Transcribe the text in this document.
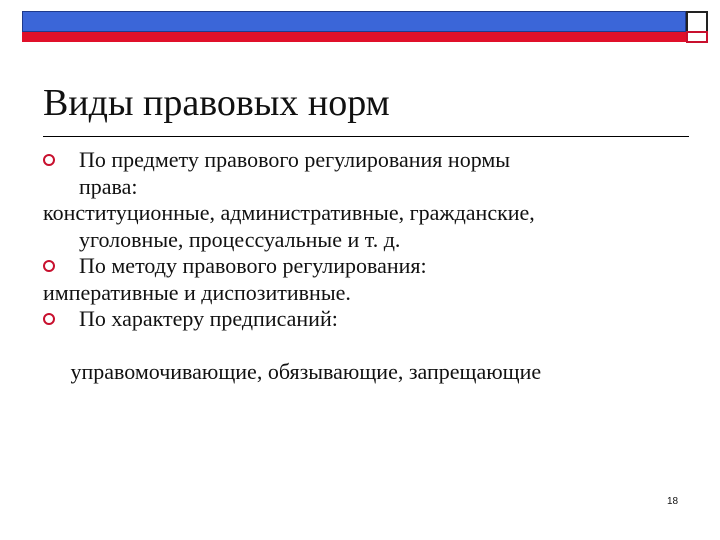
Виды правовых норм
По предмету правового регулирования нормы
права:
конституционные, административные, гражданские,
уголовные, процессуальные и т. д.
По методу правового регулирования:
императивные и диспозитивные.
По характеру предписаний:

управомочивающие, обязывающие, запрещающие

18
